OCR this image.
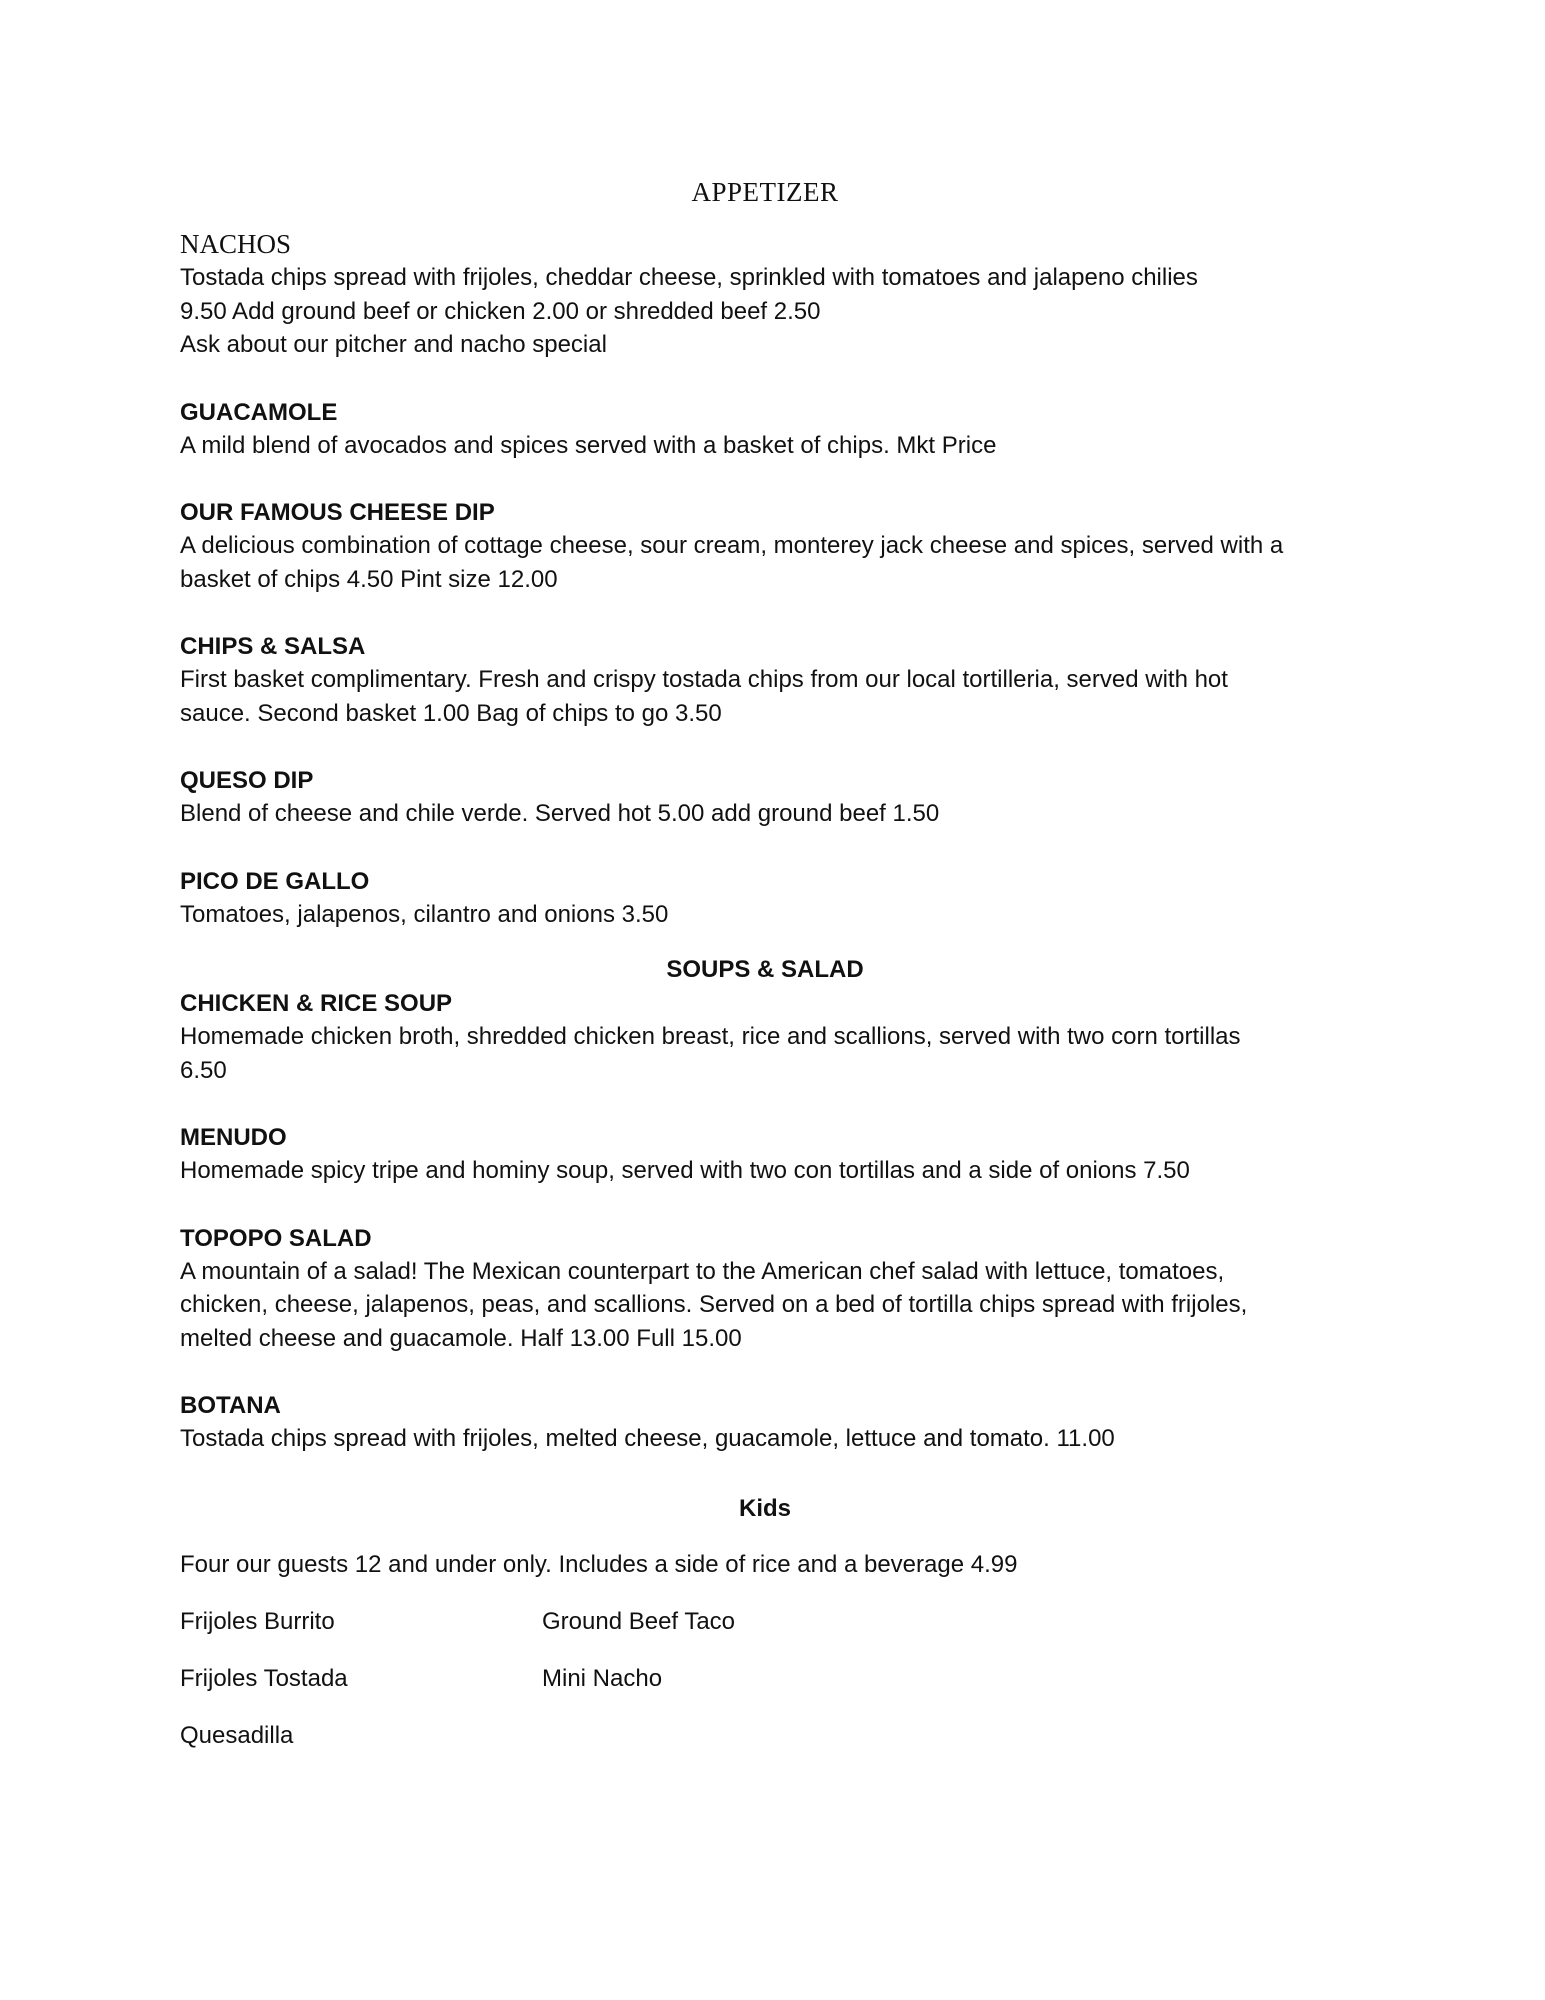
APPETIZER
NACHOS
Tostada chips spread with frijoles, cheddar cheese, sprinkled with tomatoes and jalapeno chilies
9.50 Add ground beef or chicken 2.00 or shredded beef 2.50
Ask about our pitcher and nacho special
GUACAMOLE
A mild blend of avocados and spices served with a basket of chips. Mkt Price
OUR FAMOUS CHEESE DIP
A delicious combination of cottage cheese, sour cream, monterey jack cheese and spices, served with a
basket of chips 4.50 Pint size 12.00
CHIPS & SALSA
First basket complimentary. Fresh and crispy tostada chips from our local tortilleria, served with hot
sauce. Second basket 1.00 Bag of chips to go 3.50
QUESO DIP
Blend of cheese and chile verde. Served hot 5.00 add ground beef 1.50
PICO DE GALLO
Tomatoes, jalapenos, cilantro and onions 3.50
SOUPS & SALAD
CHICKEN & RICE SOUP
Homemade chicken broth, shredded chicken breast, rice and scallions, served with two corn tortillas
6.50
MENUDO
Homemade spicy tripe and hominy soup, served with two con tortillas and a side of onions 7.50
TOPOPO SALAD
A mountain of a salad! The Mexican counterpart to the American chef salad with lettuce, tomatoes,
chicken, cheese, jalapenos, peas, and scallions. Served on a bed of tortilla chips spread with frijoles,
melted cheese and guacamole. Half 13.00 Full 15.00
BOTANA
Tostada chips spread with frijoles, melted cheese, guacamole, lettuce and tomato. 11.00
Kids
Four our guests 12 and under only. Includes a side of rice and a beverage 4.99
Frijoles Burrito	Ground Beef Taco
Frijoles Tostada	Mini Nacho
Quesadilla
